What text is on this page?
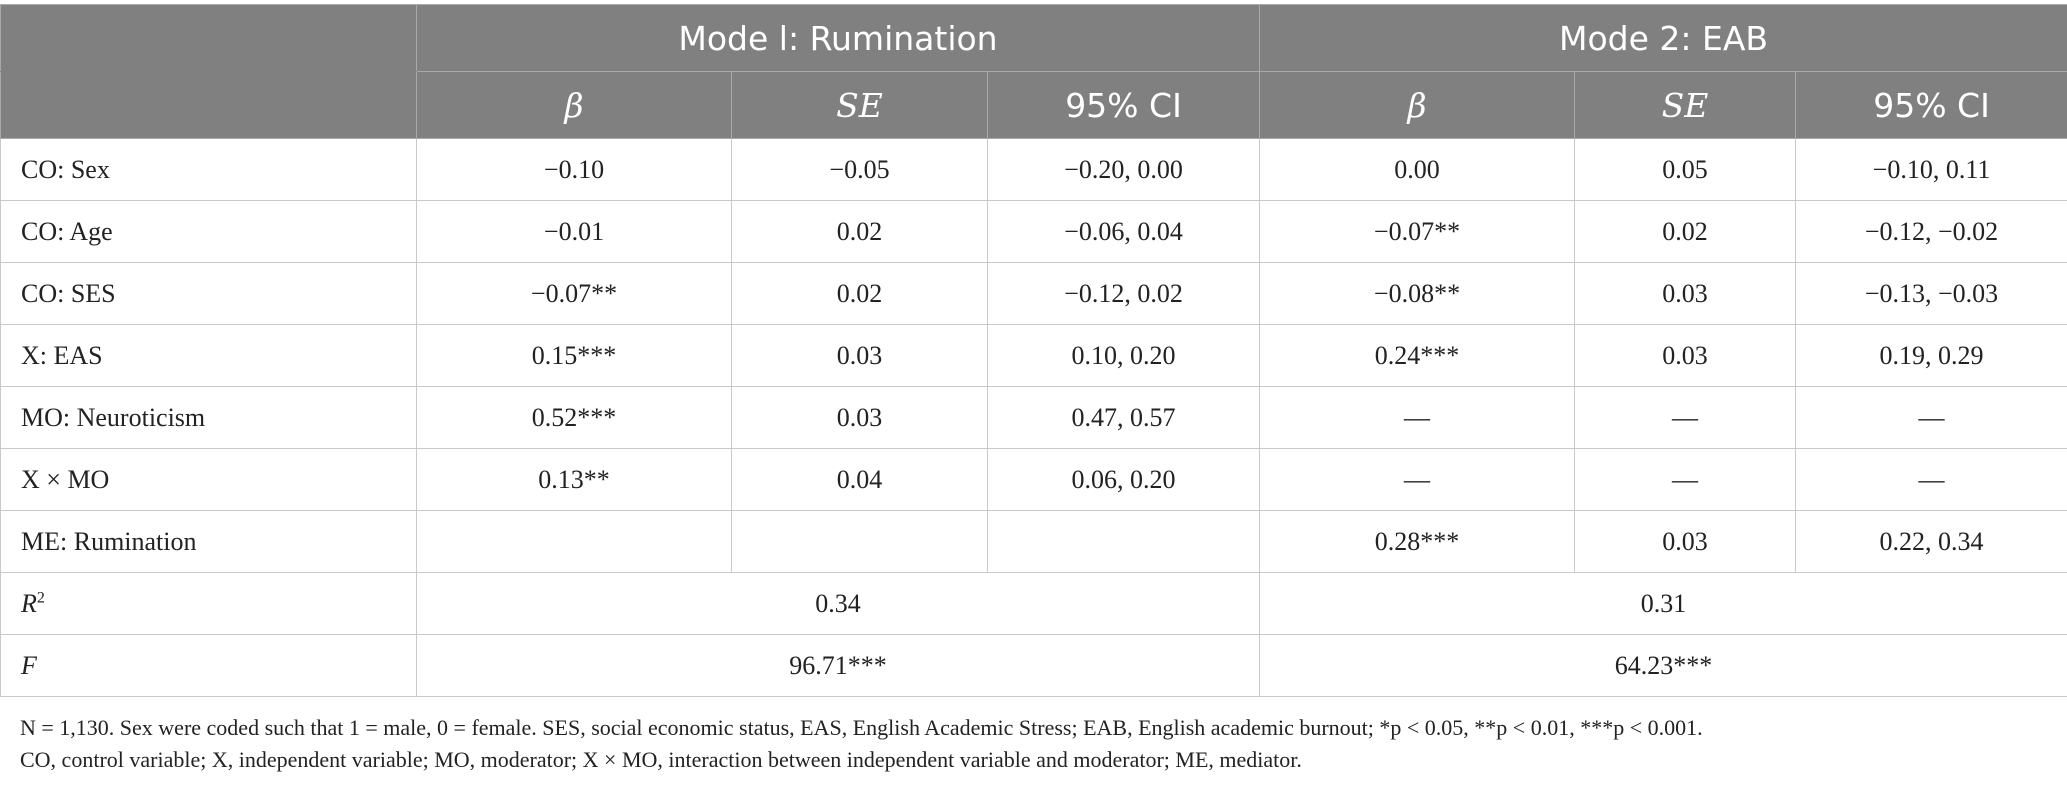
	Mode l: Rumination			Mode 2: EAB		
	β	SE	95% CI	β	SE	95% CI
CO: Sex	−0.10	−0.05	−0.20, 0.00	0.00	0.05	−0.10, 0.11
CO: Age	−0.01	0.02	−0.06, 0.04	−0.07**	0.02	−0.12, −0.02
CO: SES	−0.07**	0.02	−0.12, 0.02	−0.08**	0.03	−0.13, −0.03
X: EAS	0.15***	0.03	0.10, 0.20	0.24***	0.03	0.19, 0.29
MO: Neuroticism	0.52***	0.03	0.47, 0.57	—	—	—
X × MO	0.13**	0.04	0.06, 0.20	—	—	—
ME: Rumination				0.28***	0.03	0.22, 0.34
$R^2$	0.34			0.31		
F	96.71***			64.23***		

N = 1,130. Sex were coded such that 1 = male, 0 = female. SES, social economic status, EAS, English Academic Stress; EAB, English academic burnout; *p < 0.05, **p < 0.01, ***p < 0.001.

CO, control variable; X, independent variable; MO, moderator; X × MO, interaction between independent variable and moderator; ME, mediator.
